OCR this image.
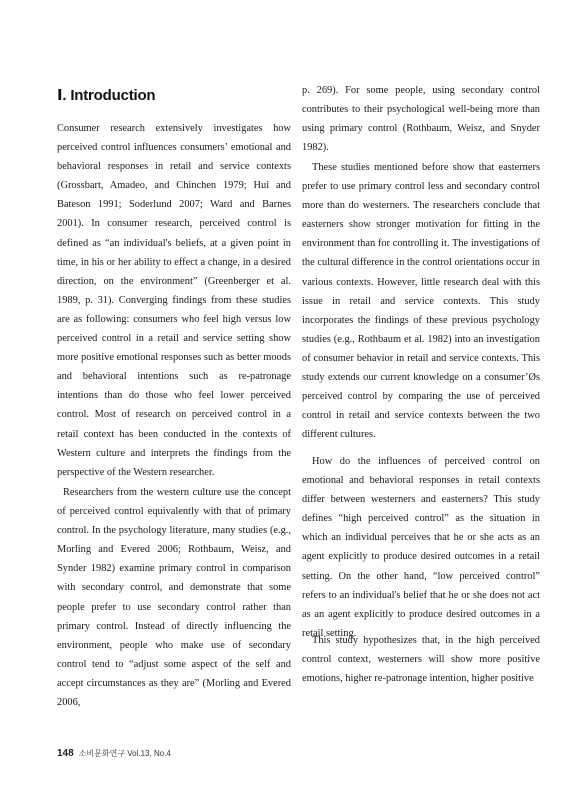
Ⅰ. Introduction

Consumer research extensively investigates how perceived control influences consumers’ emotional and behavioral responses in retail and service contexts (Grossbart, Amadeo, and Chinchen 1979; Hui and Bateson 1991; Soderlund 2007; Ward and Barnes 2001). In consumer research, perceived control is defined as “an individual's beliefs, at a given point in time, in his or her ability to effect a change, in a desired direction, on the environment” (Greenberger et al. 1989, p. 31). Converging findings from these studies are as following: consumers who feel high versus low perceived control in a retail and service setting show more positive emotional responses such as better moods and behavioral intentions such as re-patronage intentions than do those who feel lower perceived control. Most of research on perceived control in a retail context has been conducted in the contexts of Western culture and interprets the findings from the perspective of the Western researcher.

Researchers from the western culture use the concept of perceived control equivalently with that of primary control. In the psychology literature, many studies (e.g., Morling and Evered 2006; Rothbaum, Weisz, and Synder 1982) examine primary control in comparison with secondary control, and demonstrate that some people prefer to use secondary control rather than primary control. Instead of directly influencing the environment, people who make use of secondary control tend to “adjust some aspect of the self and accept circumstances as they are” (Morling and Evered 2006,

p. 269). For some people, using secondary control contributes to their psychological well-being more than using primary control (Rothbaum, Weisz, and Snyder 1982).

These studies mentioned before show that easterners prefer to use primary control less and secondary control more than do westerners. The researchers conclude that easterners show stronger motivation for fitting in the environment than for controlling it. The investigations of the cultural difference in the control orientations occur in various contexts. However, little research deal with this issue in retail and service contexts. This study incorporates the findings of these previous psychology studies (e.g., Rothbaum et al. 1982) into an investigation of consumer behavior in retail and service contexts. This study extends our current knowledge on a consumer’Øs perceived control by comparing the use of perceived control in retail and service contexts between the two different cultures.

How do the influences of perceived control on emotional and behavioral responses in retail contexts differ between westerners and easterners? This study defines “high perceived control” as the situation in which an individual perceives that he or she acts as an agent explicitly to produce desired outcomes in a retail setting. On the other hand, “low perceived control” refers to an individual's belief that he or she does not act as an agent explicitly to produce desired outcomes in a retail setting.

This study hypothesizes that, in the high perceived control context, westerners will show more positive emotions, higher re-patronage intention, higher positive

148 소비문화연구 Vol.13, No.4
